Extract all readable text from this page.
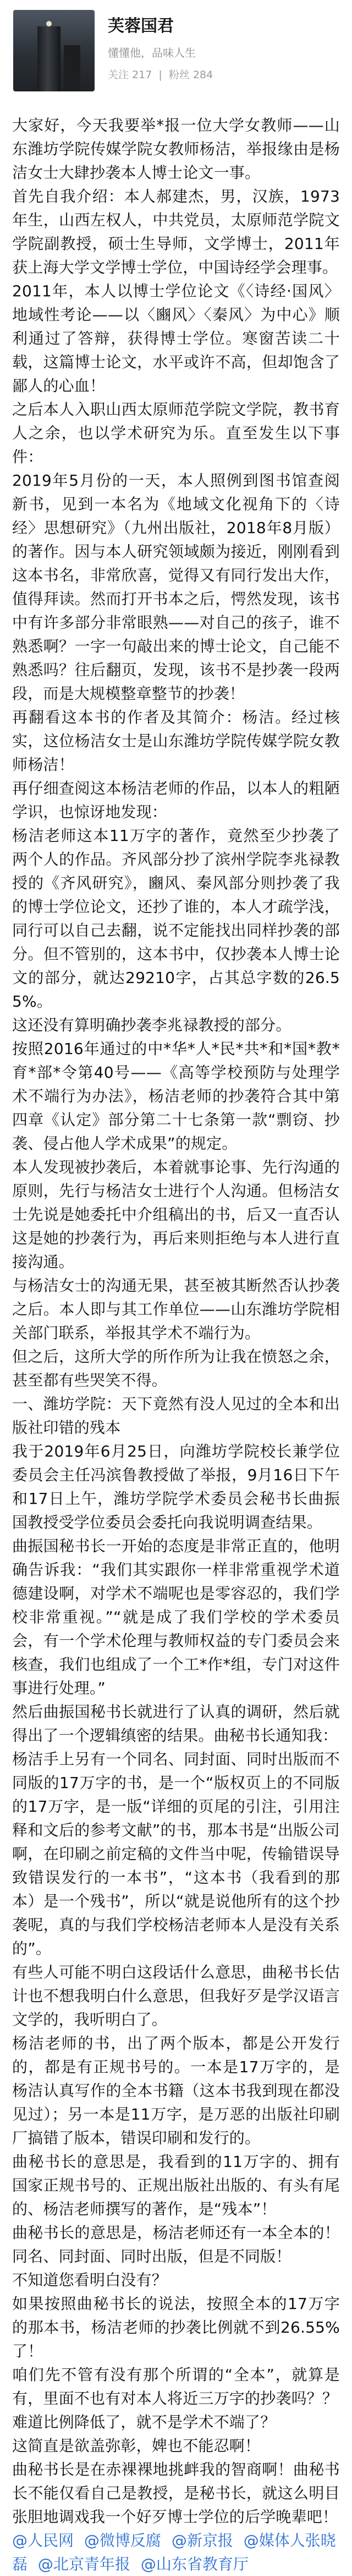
芙蓉国君
懂懂他，品味人生
关注 217 | 粉丝 284

大家好，今天我要举*报一位大学女教师——山东潍坊学院传媒学院女教师杨洁，举报缘由是杨洁女士大肆抄袭本人博士论文一事。

首先自我介绍：本人郝建杰，男，汉族，1973年生，山西左权人，中共党员，太原师范学院文学院副教授，硕士生导师，文学博士，2011年获上海大学文学博士学位，中国诗经学会理事。

2011年，本人以博士学位论文《〈诗经·国风〉地域性考论——以〈豳风〉〈秦风〉为中心》顺利通过了答辩，获得博士学位。寒窗苦读二十载，这篇博士论文，水平或许不高，但却饱含了鄙人的心血！

之后本人入职山西太原师范学院文学院，教书育人之余，也以学术研究为乐。直至发生以下事件：

2019年5月份的一天，本人照例到图书馆查阅新书，见到一本名为《地域文化视角下的〈诗经〉思想研究》（九州出版社，2018年8月版）的著作。因与本人研究领域颇为接近，刚刚看到这本书名，非常欣喜，觉得又有同行发出大作，值得拜读。然而打开书本之后，愕然发现，该书中有许多部分非常眼熟——对自己的孩子，谁不熟悉啊？一字一句敲出来的博士论文，自己能不熟悉吗？往后翻页，发现，该书不是抄袭一段两段，而是大规模整章整节的抄袭！

再翻看这本书的作者及其简介：杨洁。经过核实，这位杨洁女士是山东潍坊学院传媒学院女教师杨洁！

再仔细查阅这本杨洁老师的作品，以本人的粗陋学识，也惊讶地发现：

杨洁老师这本11万字的著作，竟然至少抄袭了两个人的作品。齐风部分抄了滨州学院李兆禄教授的《齐风研究》，豳风、秦风部分则抄袭了我的博士学位论文，还抄了谁的，本人才疏学浅，同行可以自己去翻，说不定能找出同样抄袭的部分。但不管别的，这本书中，仅抄袭本人博士论文的部分，就达29210字，占其总字数的26.55%。

这还没有算明确抄袭李兆禄教授的部分。

按照2016年通过的中*华*人*民*共*和*国*教*育*部*令第40号——《高等学校预防与处理学术不端行为办法》，杨洁老师的抄袭符合其中第四章《认定》部分第二十七条第一款“剽窃、抄袭、侵占他人学术成果”的规定。

本人发现被抄袭后，本着就事论事、先行沟通的原则，先行与杨洁女士进行个人沟通。但杨洁女士先说是她委托中介组稿出的书，后又一直否认这是她的抄袭行为，再后来则拒绝与本人进行直接沟通。

与杨洁女士的沟通无果，甚至被其断然否认抄袭之后。本人即与其工作单位——山东潍坊学院相关部门联系，举报其学术不端行为。

但之后，这所大学的所作所为让我在愤怒之余，甚至都有些哭笑不得。

一、潍坊学院：天下竟然有没人见过的全本和出版社印错的残本

我于2019年6月25日，向潍坊学院校长兼学位委员会主任冯滨鲁教授做了举报，9月16日下午和17日上午，潍坊学院学术委员会秘书长曲振国教授受学位委员会委托向我说明调查结果。

曲振国秘书长一开始的态度是非常正直的，他明确告诉我：“我们其实跟你一样非常重视学术道德建设啊，对学术不端呢也是零容忍的，我们学校非常重视。”“就是成了我们学校的学术委员会，有一个学术伦理与教师权益的专门委员会来核查，我们也组成了一个工*作*组，专门对这件事进行处理。”

然后曲振国秘书长就进行了认真的调研，然后就得出了一个逻辑缜密的结果。曲秘书长通知我：

杨洁手上另有一个同名、同封面、同时出版而不同版的17万字的书，是一个“版权页上的不同版的17万字，是一版“详细的页尾的引注，引用注释和文后的参考文献”的书，那本书是“出版公司啊，在印刷之前定稿的文件当中呢，传输错误导致错误发行的一本书”，“这本书（我看到的那本）是一个残书”，所以“就是说他所有的这个抄袭呢，真的与我们学校杨洁老师本人是没有关系的”。

有些人可能不明白这段话什么意思，曲秘书长估计也不想我明白什么意思，但我好歹是学汉语言文学的，我听明白了。

杨洁老师的书，出了两个版本，都是公开发行的，都是有正规书号的。一本是17万字的，是杨洁认真写作的全本书籍（这本书我到现在都没见过）；另一本是11万字，是万恶的出版社印刷厂搞错了版本，错误印刷和发行的。

曲秘书长的意思是，我看到的11万字的、拥有国家正规书号的、正规出版社出版的、有头有尾的、杨洁老师撰写的著作，是“残本”！

曲秘书长的意思是，杨洁老师还有一本全本的！同名、同封面、同时出版，但是不同版！

不知道您看明白没有？

如果按照曲秘书长的说法，按照全本的17万字的那本书，杨洁老师的抄袭比例就不到26.55%了！

咱们先不管有没有那个所谓的“全本”，就算是有，里面不也有对本人将近三万字的抄袭吗？？

难道比例降低了，就不是学术不端了？

这简直是欲盖弥彰，婢也不能忍啊！

曲秘书长是在赤裸裸地挑衅我的智商啊！曲秘书长不能仅看自己是教授，是秘书长，就这么明目张胆地调戏我一个好歹博士学位的后学晚辈吧！

@人民网 @微博反腐 @新京报 @媒体人张晓磊 @北京青年报 @山东省教育厅
